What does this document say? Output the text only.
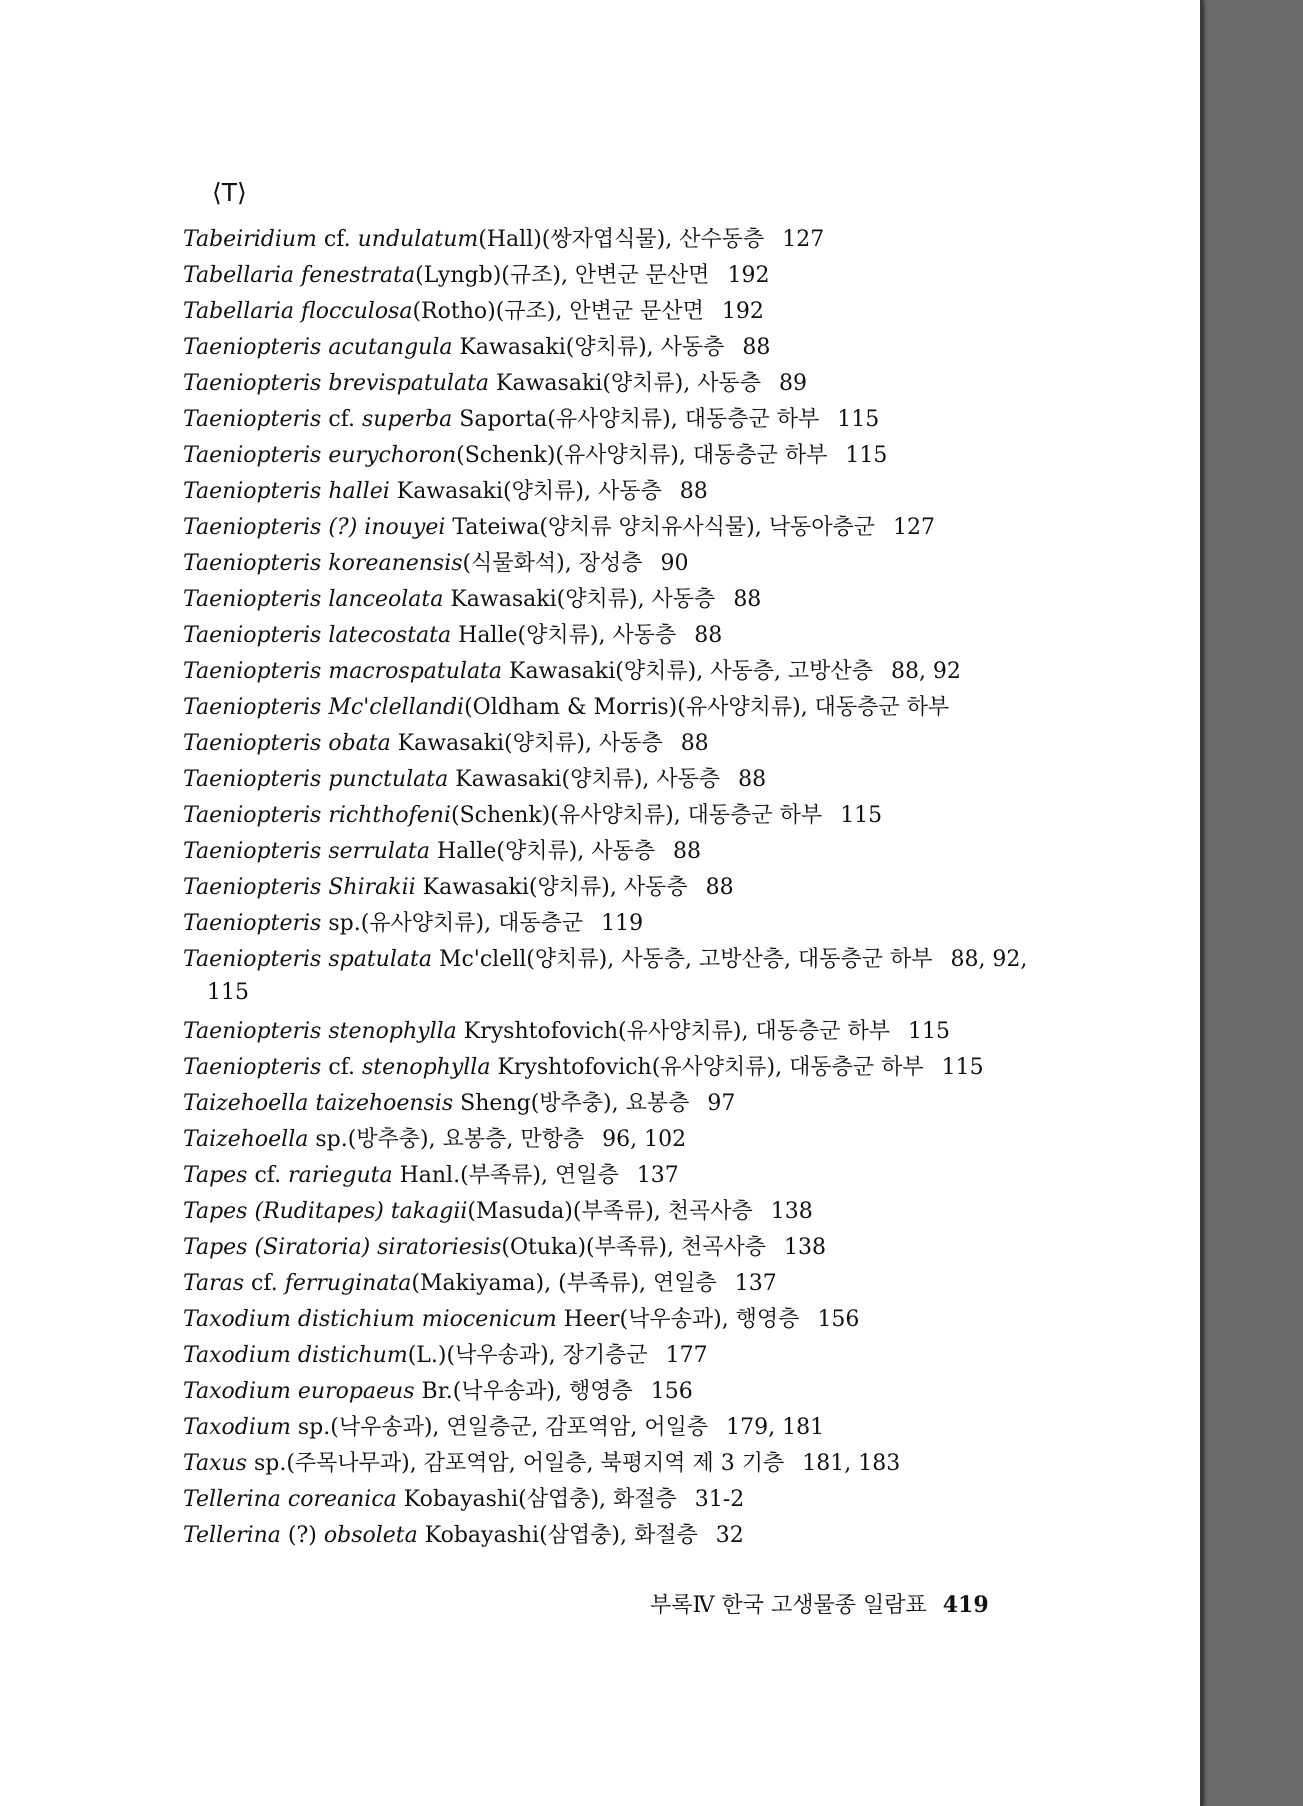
⟨T⟩
Tabeiridium cf. undulatum(Hall)(쌍자엽식물), 산수동층 127
Tabellaria fenestrata(Lyngb)(규조), 안변군 문산면 192
Tabellaria flocculosa(Rotho)(규조), 안변군 문산면 192
Taeniopteris acutangula Kawasaki(양치류), 사동층 88
Taeniopteris brevispatulata Kawasaki(양치류), 사동층 89
Taeniopteris cf. superba Saporta(유사양치류), 대동층군 하부 115
Taeniopteris eurychoron(Schenk)(유사양치류), 대동층군 하부 115
Taeniopteris hallei Kawasaki(양치류), 사동층 88
Taeniopteris (?) inouyei Tateiwa(양치류 양치유사식물), 낙동아층군 127
Taeniopteris koreanensis(식물화석), 장성층 90
Taeniopteris lanceolata Kawasaki(양치류), 사동층 88
Taeniopteris latecostata Halle(양치류), 사동층 88
Taeniopteris macrospatulata Kawasaki(양치류), 사동층, 고방산층 88, 92
Taeniopteris Mc'clellandi(Oldham & Morris)(유사양치류), 대동층군 하부
Taeniopteris obata Kawasaki(양치류), 사동층 88
Taeniopteris punctulata Kawasaki(양치류), 사동층 88
Taeniopteris richthofeni(Schenk)(유사양치류), 대동층군 하부 115
Taeniopteris serrulata Halle(양치류), 사동층 88
Taeniopteris Shirakii Kawasaki(양치류), 사동층 88
Taeniopteris sp.(유사양치류), 대동층군 119
Taeniopteris spatulata Mc'clell(양치류), 사동층, 고방산층, 대동층군 하부 88, 92,
115
Taeniopteris stenophylla Kryshtofovich(유사양치류), 대동층군 하부 115
Taeniopteris cf. stenophylla Kryshtofovich(유사양치류), 대동층군 하부 115
Taizehoella taizehoensis Sheng(방추충), 요봉층 97
Taizehoella sp.(방추충), 요봉층, 만항층 96, 102
Tapes cf. rarieguta Hanl.(부족류), 연일층 137
Tapes (Ruditapes) takagii(Masuda)(부족류), 천곡사층 138
Tapes (Siratoria) siratoriesis(Otuka)(부족류), 천곡사층 138
Taras cf. ferruginata(Makiyama), (부족류), 연일층 137
Taxodium distichium miocenicum Heer(낙우송과), 행영층 156
Taxodium distichum(L.)(낙우송과), 장기층군 177
Taxodium europaeus Br.(낙우송과), 행영층 156
Taxodium sp.(낙우송과), 연일층군, 감포역암, 어일층 179, 181
Taxus sp.(주목나무과), 감포역암, 어일층, 북평지역 제 3 기층 181, 183
Tellerina coreanica Kobayashi(삼엽충), 화절층 31-2
Tellerina (?) obsoleta Kobayashi(삼엽충), 화절층 32
부록Ⅳ 한국 고생물종 일람표 419
